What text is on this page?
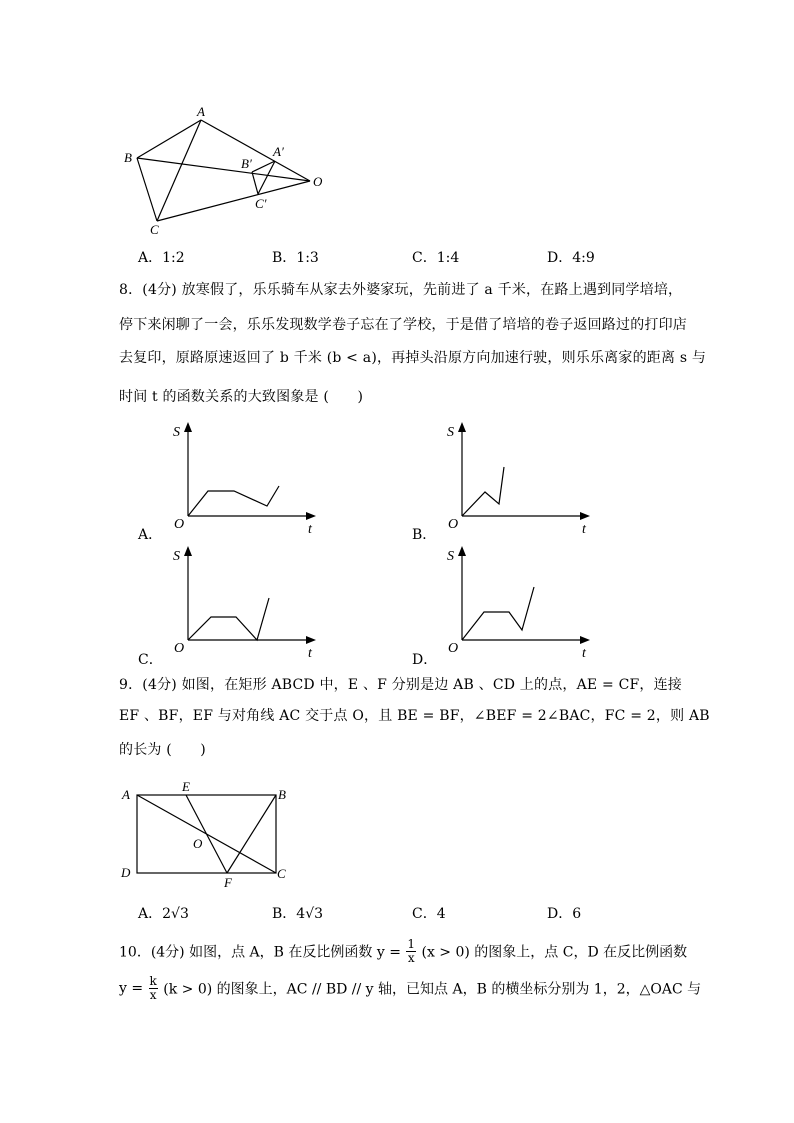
A
B
C
A′
B′
C′
O
A．1:2	B．1:3	C．1:4	D．4:9
8．(4分) 放寒假了，乐乐骑车从家去外婆家玩，先前进了 a 千米，在路上遇到同学培培，
停下来闲聊了一会，乐乐发现数学卷子忘在了学校，于是借了培培的卷子返回路过的打印店
去复印，原路原速返回了 b 千米 (b < a)，再掉头沿原方向加速行驶，则乐乐离家的距离 s 与
时间 t 的函数关系的大致图象是 (　　)
A．
S
t
O
B．
S
t
O
C．
S
t
O
D．
S
t
O
9．(4分) 如图，在矩形 ABCD 中，E 、F 分别是边 AB 、CD 上的点，AE = CF，连接
EF 、BF，EF 与对角线 AC 交于点 O，且 BE = BF，∠BEF = 2∠BAC，FC = 2，则 AB
的长为 (　　)
A	B
C
D
E
F
O
A．2√3	B．4√3	C．4	D．6
10．(4分) 如图，点 A，B 在反比例函数 $y = \frac{1}{x} (x > 0)$ 的图象上，点 C，D 在反比例函数
$y = \frac{k}{x} (k > 0)$ 的图象上，AC // BD // y 轴，已知点 A，B 的横坐标分别为 1，2，△OAC 与
